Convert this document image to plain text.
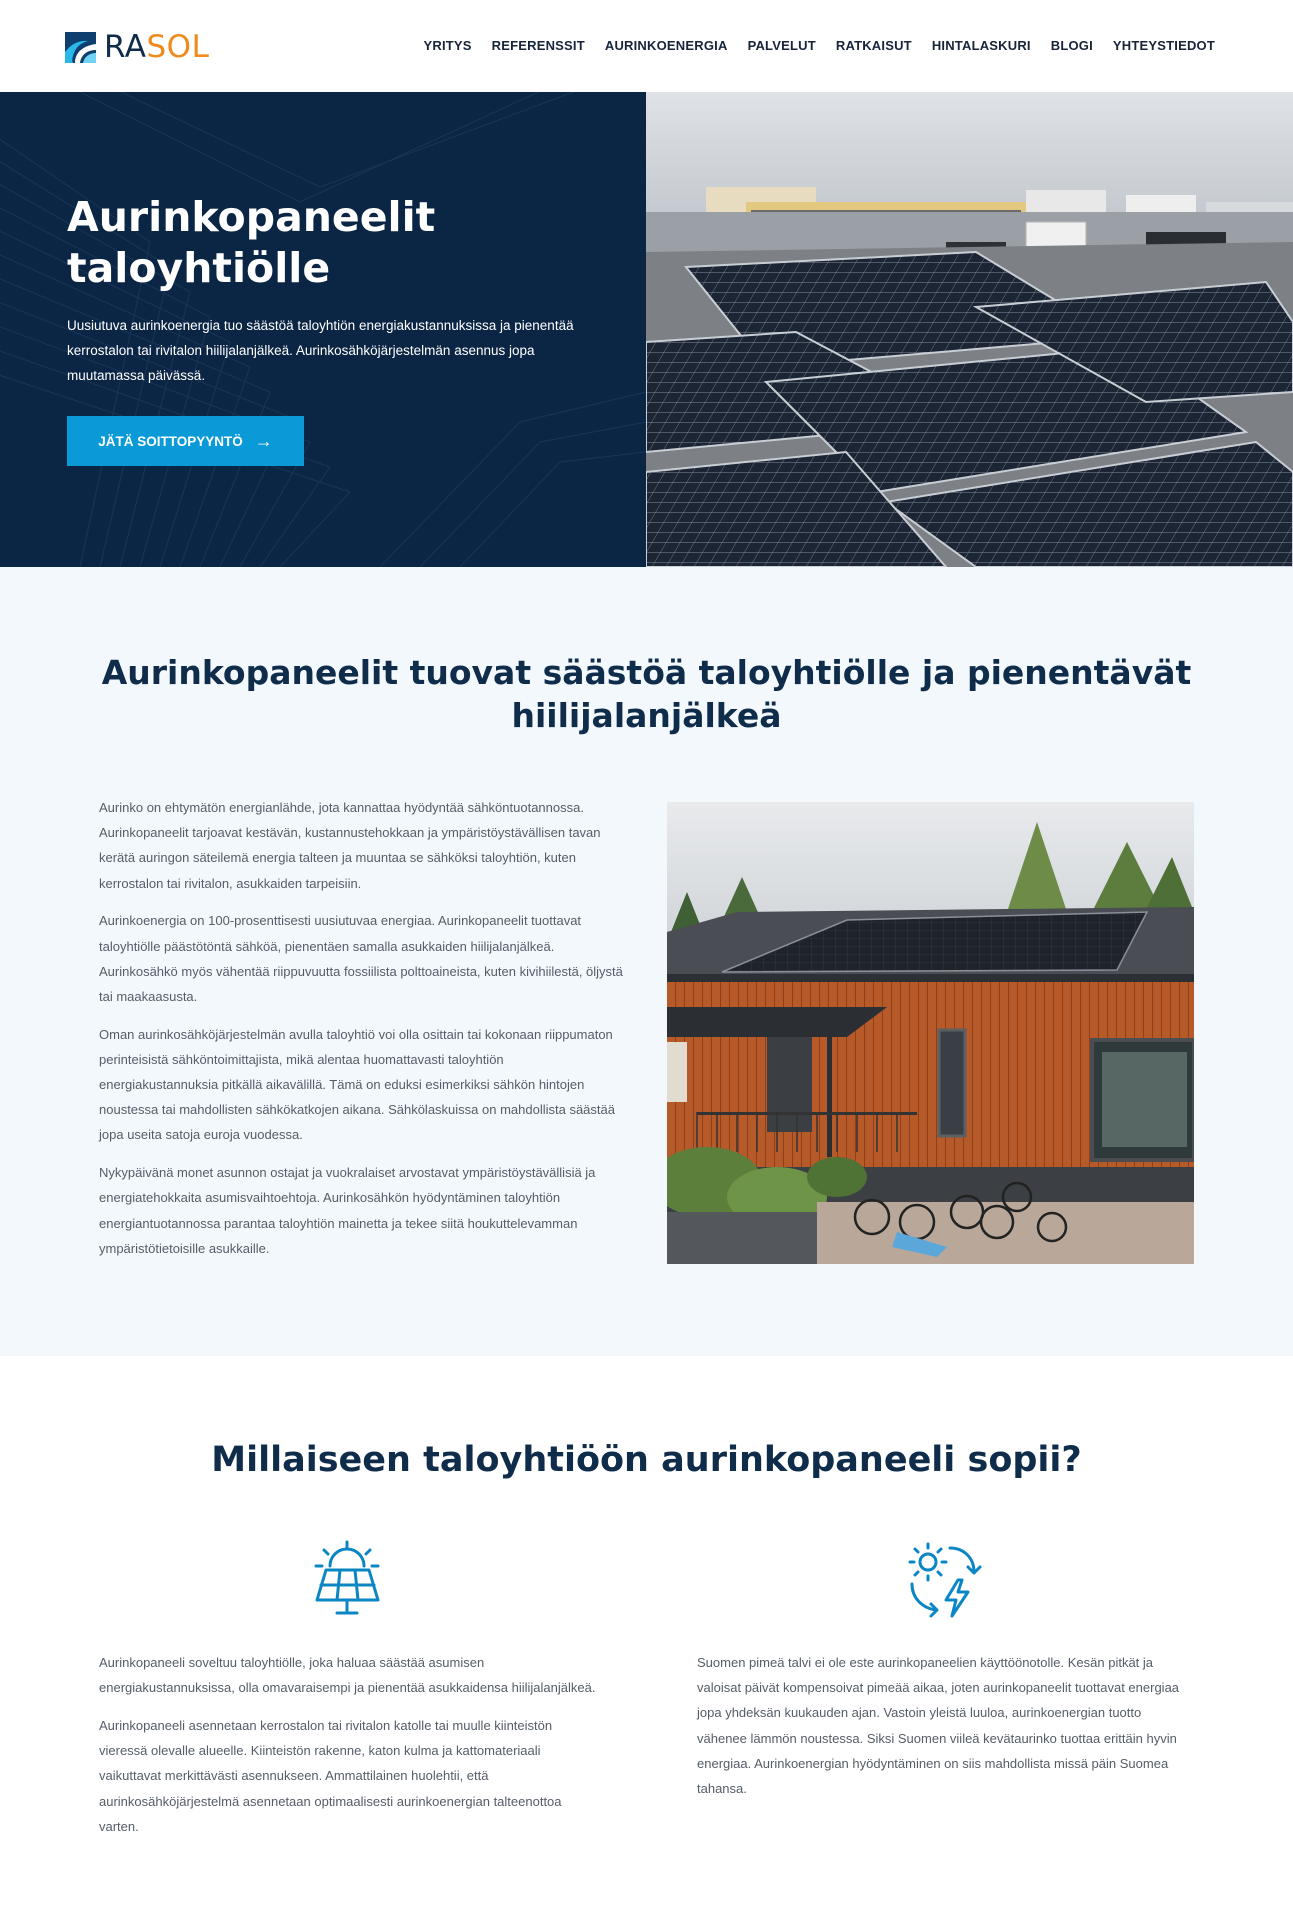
RASOL	YRITYS	REFERENSSIT	AURINKOENERGIA	PALVELUT	RATKAISUT	HINTALASKURI	BLOGI	YHTEYSTIEDOT
Aurinkopaneelit taloyhtiölle

Uusiutuva aurinkoenergia tuo säästöä taloyhtiön energiakustannuksissa ja pienentää kerrostalon tai rivitalon hiilijalanjälkeä. Aurinkosähköjärjestelmän asennus jopa muutamassa päivässä.

JÄTÄ SOITTOPYYNTÖ →
Aurinkopaneelit tuovat säästöä taloyhtiölle ja pienentävät hiilijalanjälkeä

Aurinko on ehtymätön energianlähde, jota kannattaa hyödyntää sähköntuotannossa. Aurinkopaneelit tarjoavat kestävän, kustannustehokkaan ja ympäristöystävällisen tavan kerätä auringon säteilemä energia talteen ja muuntaa se sähköksi taloyhtiön, kuten kerrostalon tai rivitalon, asukkaiden tarpeisiin.

Aurinkoenergia on 100-prosenttisesti uusiutuvaa energiaa. Aurinkopaneelit tuottavat taloyhtiölle päästötöntä sähköä, pienentäen samalla asukkaiden hiilijalanjälkeä. Aurinkosähkö myös vähentää riippuvuutta fossiilista polttoaineista, kuten kivihiilestä, öljystä tai maakaasusta.

Oman aurinkosähköjärjestelmän avulla taloyhtiö voi olla osittain tai kokonaan riippumaton perinteisistä sähköntoimittajista, mikä alentaa huomattavasti taloyhtiön energiakustannuksia pitkällä aikavälillä. Tämä on eduksi esimerkiksi sähkön hintojen noustessa tai mahdollisten sähkökatkojen aikana. Sähkölaskuissa on mahdollista säästää jopa useita satoja euroja vuodessa.

Nykypäivänä monet asunnon ostajat ja vuokralaiset arvostavat ympäristöystävällisiä ja energiatehokkaita asumisvaihtoehtoja. Aurinkosähkön hyödyntäminen taloyhtiön energiantuotannossa parantaa taloyhtiön mainetta ja tekee siitä houkuttelevamman ympäristötietoisille asukkaille.

Millaiseen taloyhtiöön aurinkopaneeli sopii?

Aurinkopaneeli soveltuu taloyhtiölle, joka haluaa säästää asumisen energiakustannuksissa, olla omavaraisempi ja pienentää asukkaidensa hiilijalanjälkeä.

Aurinkopaneeli asennetaan kerrostalon tai rivitalon katolle tai muulle kiinteistön vieressä olevalle alueelle. Kiinteistön rakenne, katon kulma ja kattomateriaali vaikuttavat merkittävästi asennukseen. Ammattilainen huolehtii, että aurinkosähköjärjestelmä asennetaan optimaalisesti aurinkoenergian talteenottoa varten.

Suomen pimeä talvi ei ole este aurinkopaneelien käyttöönotolle. Kesän pitkät ja valoisat päivät kompensoivat pimeää aikaa, joten aurinkopaneelit tuottavat energiaa jopa yhdeksän kuukauden ajan. Vastoin yleistä luuloa, aurinkoenergian tuotto vähenee lämmön noustessa. Siksi Suomen viileä kevätaurinko tuottaa erittäin hyvin energiaa. Aurinkoenergian hyödyntäminen on siis mahdollista missä päin Suomea tahansa.
